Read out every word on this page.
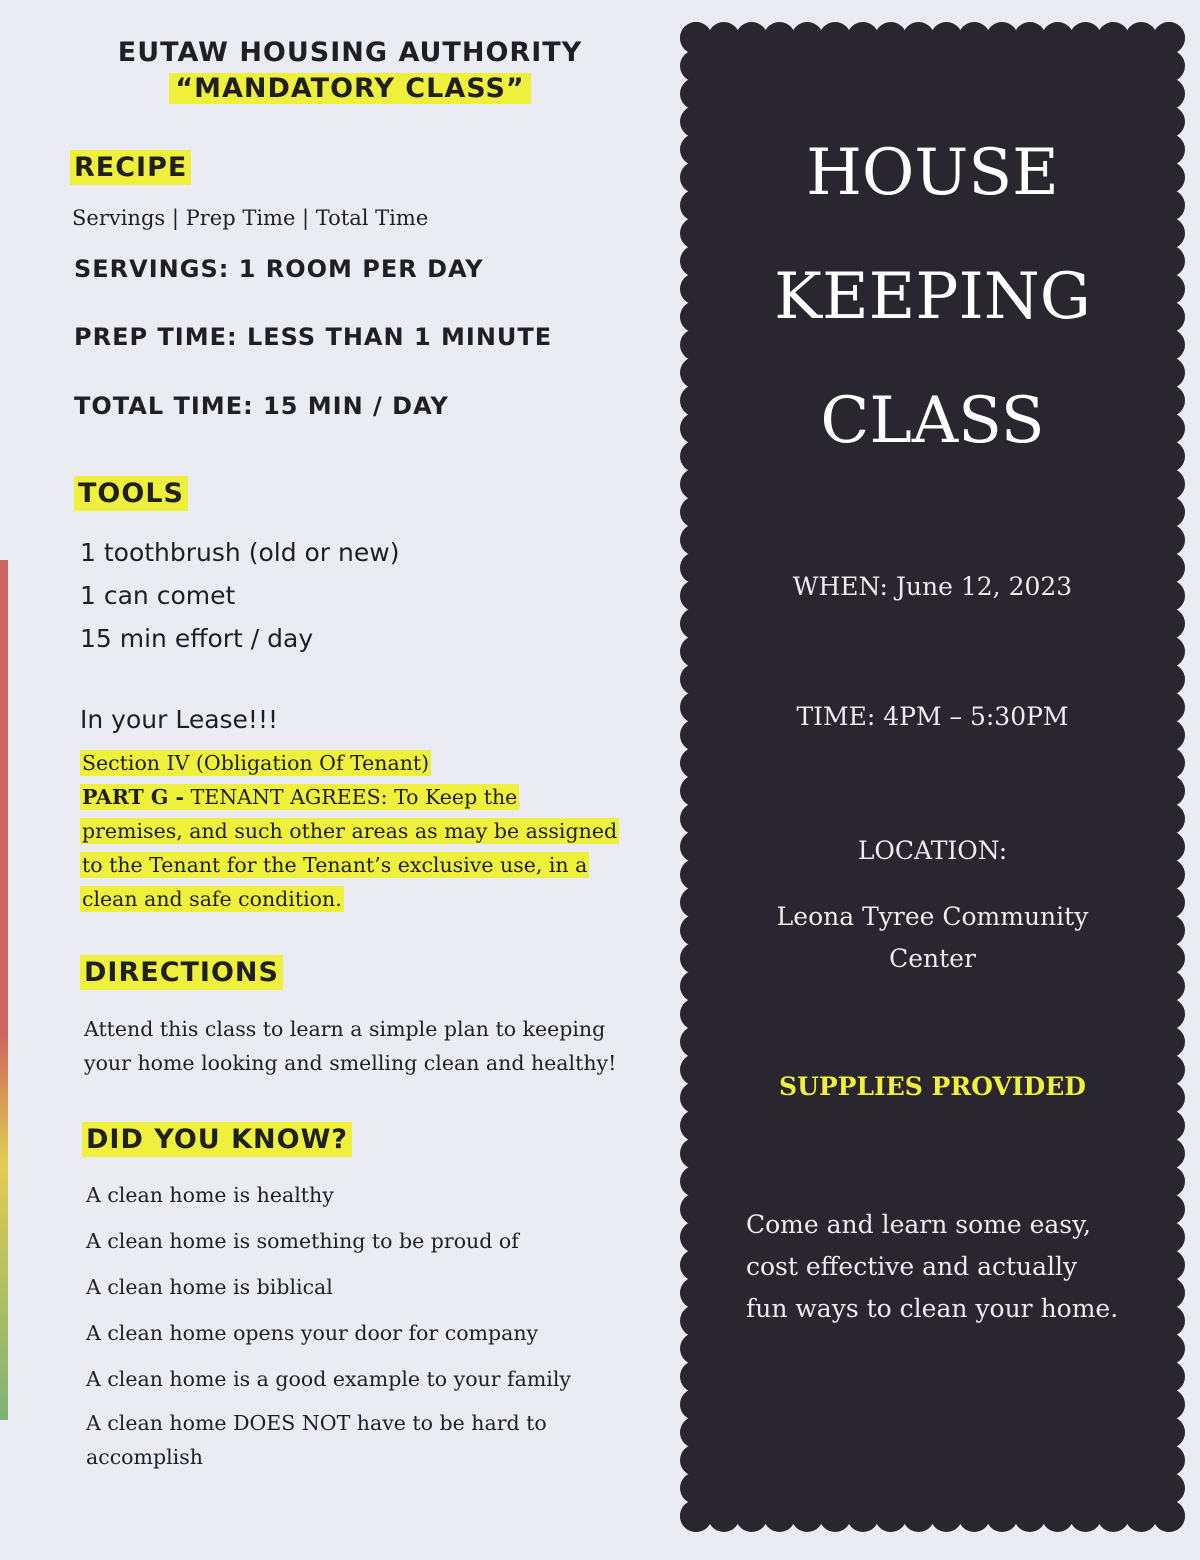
EUTAW HOUSING AUTHORITY

“MANDATORY CLASS”

RECIPE

Servings | Prep Time | Total Time

SERVINGS: 1 ROOM PER DAY

PREP TIME: LESS THAN 1 MINUTE

TOTAL TIME: 15 MIN / DAY

TOOLS
1 toothbrush (old or new)
1 can comet
15 min effort / day

In your Lease!!!

Section IV (Obligation Of Tenant)
PART G - TENANT AGREES: To Keep the
premises, and such other areas as may be assigned
to the Tenant for the Tenant’s exclusive use, in a
clean and safe condition.
DIRECTIONS
Attend this class to learn a simple plan to keeping
your home looking and smelling clean and healthy!
DID YOU KNOW?
A clean home is healthy
A clean home is something to be proud of
A clean home is biblical
A clean home opens your door for company
A clean home is a good example to your family
A clean home DOES NOT have to be hard to
accomplish

HOUSE

KEEPING

CLASS

WHEN: June 12, 2023

TIME: 4PM – 5:30PM

LOCATION:

Leona Tyree Community

Center

SUPPLIES PROVIDED

Come and learn some easy,
cost effective and actually
fun ways to clean your home.
